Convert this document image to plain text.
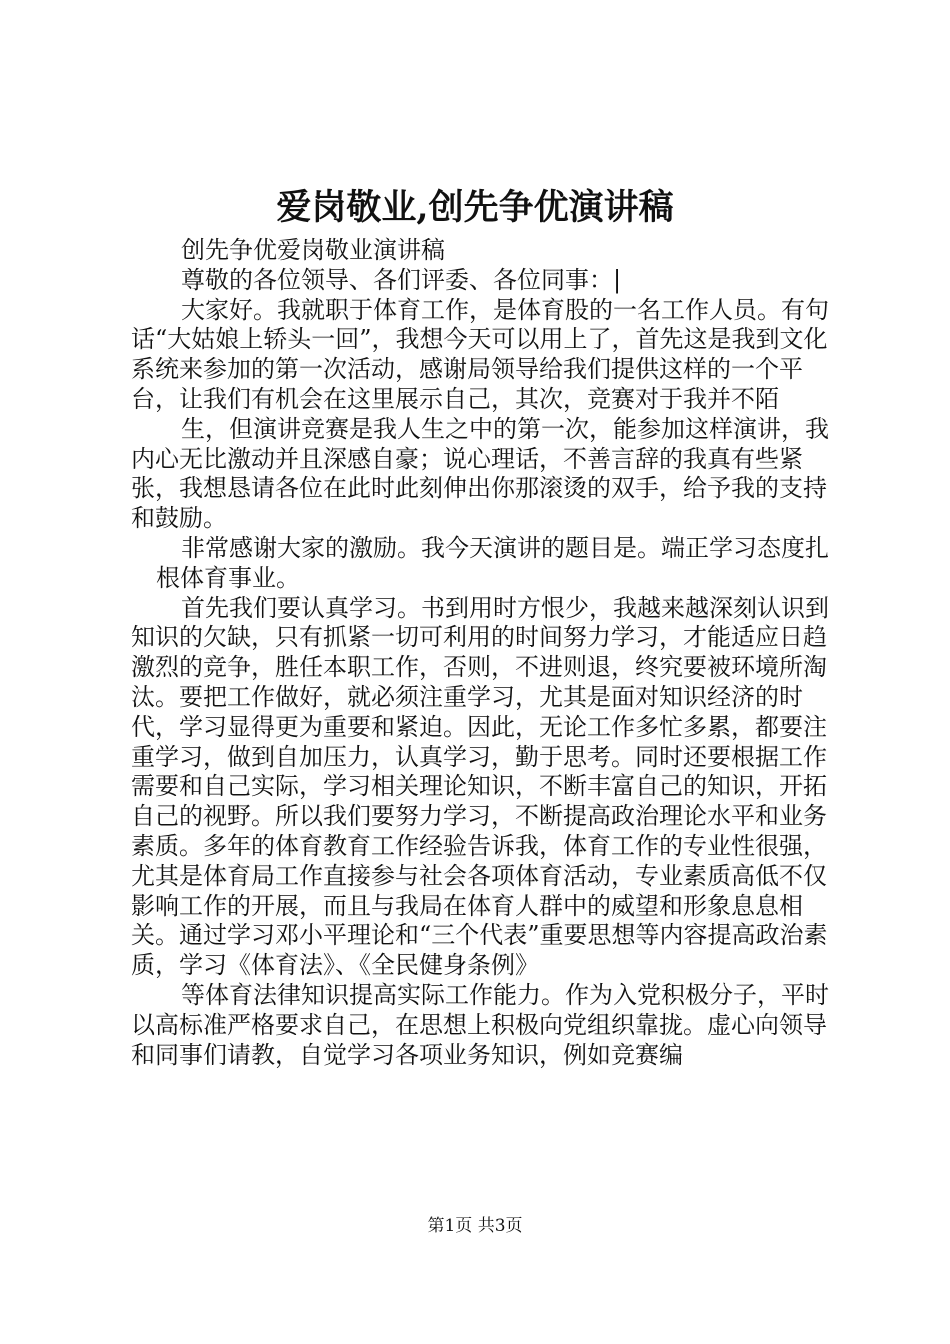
爱岗敬业,创先争优演讲稿

创先争优爱岗敬业演讲稿

尊敬的各位领导、各们评委、各位同事：|

大家好。我就职于体育工作，是体育股的一名工作人员。有句话“大姑娘上轿头一回”，我想今天可以用上了，首先这是我到文化系统来参加的第一次活动，感谢局领导给我们提供这样的一个平台，让我们有机会在这里展示自己，其次，竞赛对于我并不陌

生，但演讲竞赛是我人生之中的第一次，能参加这样演讲，我内心无比激动并且深感自豪；说心理话，不善言辞的我真有些紧张，我想恳请各位在此时此刻伸出你那滚烫的双手，给予我的支持和鼓励。

非常感谢大家的激励。我今天演讲的题目是。端正学习态度扎

根体育事业。

首先我们要认真学习。书到用时方恨少，我越来越深刻认识到知识的欠缺，只有抓紧一切可利用的时间努力学习，才能适应日趋激烈的竞争，胜任本职工作，否则，不进则退，终究要被环境所淘汰。要把工作做好，就必须注重学习，尤其是面对知识经济的时代，学习显得更为重要和紧迫。因此，无论工作多忙多累，都要注重学习，做到自加压力，认真学习，勤于思考。同时还要根据工作需要和自己实际，学习相关理论知识，不断丰富自己的知识，开拓自己的视野。所以我们要努力学习，不断提高政治理论水平和业务素质。多年的体育教育工作经验告诉我，体育工作的专业性很强，尤其是体育局工作直接参与社会各项体育活动，专业素质高低不仅影响工作的开展，而且与我局在体育人群中的威望和形象息息相关。通过学习邓小平理论和“三个代表”重要思想等内容提高政治素质，学习《体育法》、《全民健身条例》

等体育法律知识提高实际工作能力。作为入党积极分子，平时以高标准严格要求自己，在思想上积极向党组织靠拢。虚心向领导和同事们请教，自觉学习各项业务知识，例如竞赛编

第1页 共3页
